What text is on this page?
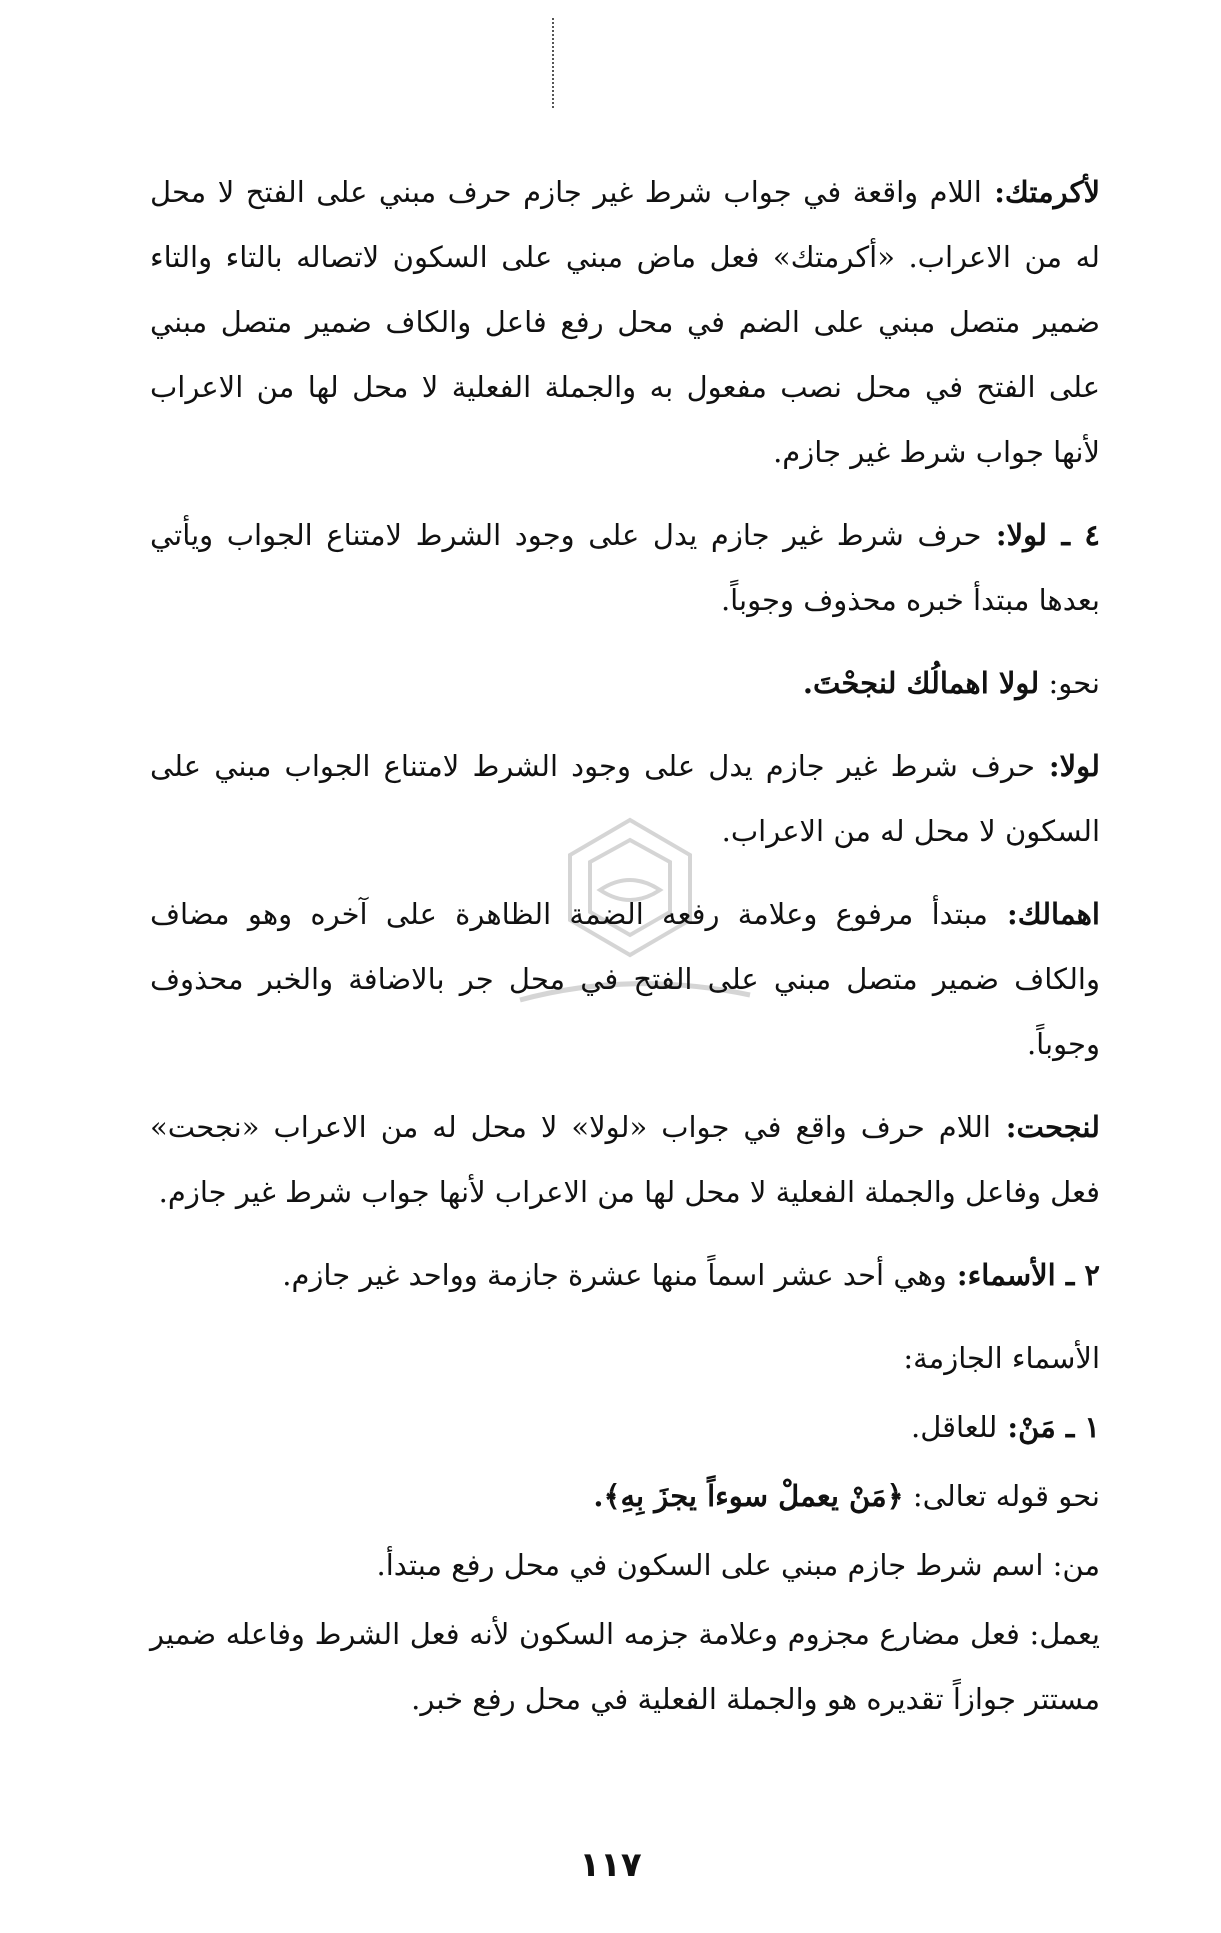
لأكرمتك: اللام واقعة في جواب شرط غير جازم حرف مبني على الفتح لا محل له من الاعراب. «أكرمتك» فعل ماض مبني على السكون لاتصاله بالتاء والتاء ضمير متصل مبني على الضم في محل رفع فاعل والكاف ضمير متصل مبني على الفتح في محل نصب مفعول به والجملة الفعلية لا محل لها من الاعراب لأنها جواب شرط غير جازم.

٤ ـ لولا: حرف شرط غير جازم يدل على وجود الشرط لامتناع الجواب ويأتي بعدها مبتدأ خبره محذوف وجوباً.

نحو: لولا اهمالُك لنجحْتَ.

لولا: حرف شرط غير جازم يدل على وجود الشرط لامتناع الجواب مبني على السكون لا محل له من الاعراب.

اهمالك: مبتدأ مرفوع وعلامة رفعه الضمة الظاهرة على آخره وهو مضاف والكاف ضمير متصل مبني على الفتح في محل جر بالاضافة والخبر محذوف وجوباً.

لنجحت: اللام حرف واقع في جواب «لولا» لا محل له من الاعراب «نجحت» فعل وفاعل والجملة الفعلية لا محل لها من الاعراب لأنها جواب شرط غير جازم.

٢ ـ الأسماء: وهي أحد عشر اسماً منها عشرة جازمة وواحد غير جازم.

الأسماء الجازمة:

١ ـ مَنْ: للعاقل.

نحو قوله تعالى: ﴿مَنْ يعملْ سوءاً يجزَ بِهِ﴾.

من: اسم شرط جازم مبني على السكون في محل رفع مبتدأ.

يعمل: فعل مضارع مجزوم وعلامة جزمه السكون لأنه فعل الشرط وفاعله ضمير مستتر جوازاً تقديره هو والجملة الفعلية في محل رفع خبر.

١١٧
